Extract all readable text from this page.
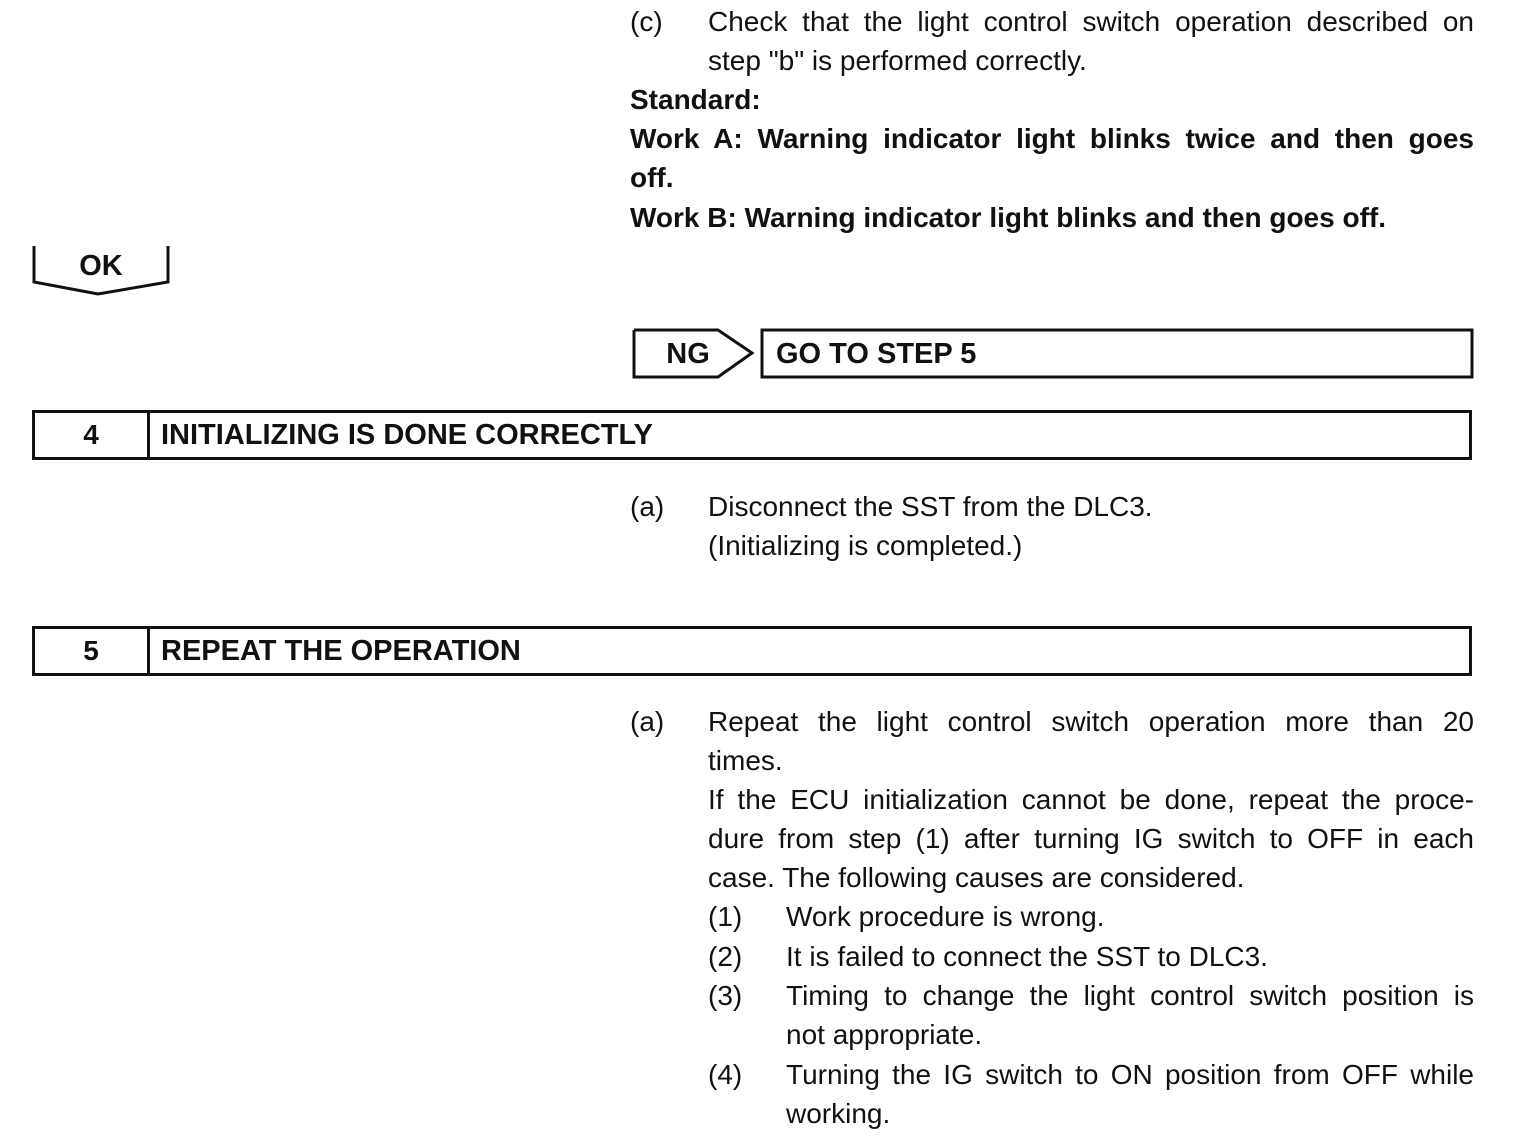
(c) Check that the light control switch operation described on
step "b" is performed correctly.
Standard:
Work A: Warning indicator light blinks twice and then goes
off.
Work B: Warning indicator light blinks and then goes off.
OK
NG	GO TO STEP 5
4	INITIALIZING IS DONE CORRECTLY
(a) Disconnect the SST from the DLC3.
(Initializing is completed.)
5	REPEAT THE OPERATION
(a) Repeat the light control switch operation more than 20
times.
If the ECU initialization cannot be done, repeat the proce-
dure from step (1) after turning IG switch to OFF in each
case. The following causes are considered.
(1) Work procedure is wrong.
(2) It is failed to connect the SST to DLC3.
(3) Timing to change the light control switch position is
not appropriate.
(4) Turning the IG switch to ON position from OFF while
working.
